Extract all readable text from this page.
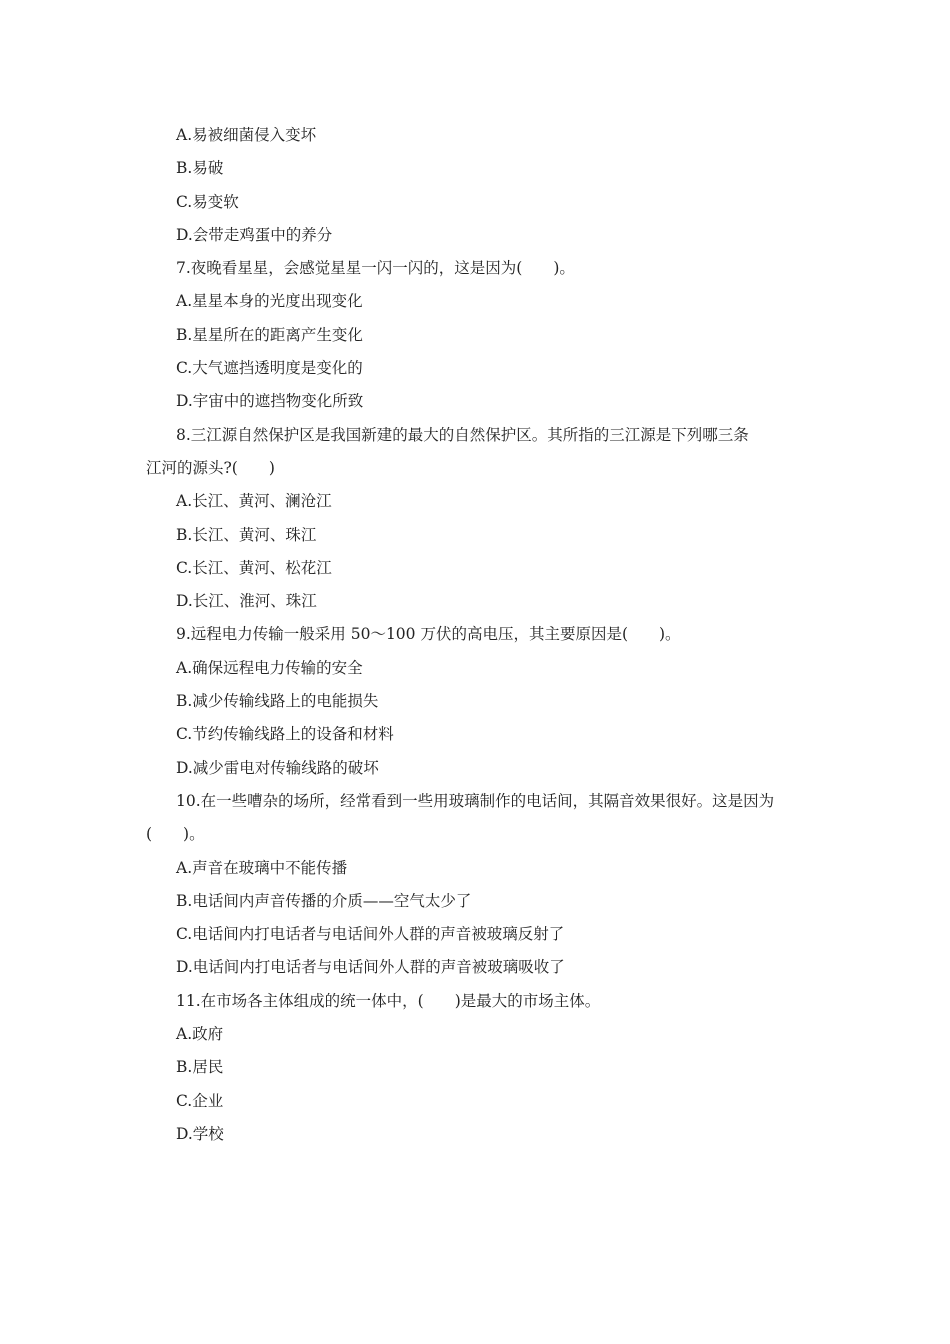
A.易被细菌侵入变坏
B.易破
C.易变软
D.会带走鸡蛋中的养分
7.夜晚看星星，会感觉星星一闪一闪的，这是因为(　　)。
A.星星本身的光度出现变化
B.星星所在的距离产生变化
C.大气遮挡透明度是变化的
D.宇宙中的遮挡物变化所致
8.三江源自然保护区是我国新建的最大的自然保护区。其所指的三江源是下列哪三条
江河的源头?(　　)
A.长江、黄河、澜沧江
B.长江、黄河、珠江
C.长江、黄河、松花江
D.长江、淮河、珠江
9.远程电力传输一般采用 50～100 万伏的高电压，其主要原因是(　　)。
A.确保远程电力传输的安全
B.减少传输线路上的电能损失
C.节约传输线路上的设备和材料
D.减少雷电对传输线路的破坏
10.在一些嘈杂的场所，经常看到一些用玻璃制作的电话间，其隔音效果很好。这是因为
(　　)。
A.声音在玻璃中不能传播
B.电话间内声音传播的介质——空气太少了
C.电话间内打电话者与电话间外人群的声音被玻璃反射了
D.电话间内打电话者与电话间外人群的声音被玻璃吸收了
11.在市场各主体组成的统一体中，(　　)是最大的市场主体。
A.政府
B.居民
C.企业
D.学校
